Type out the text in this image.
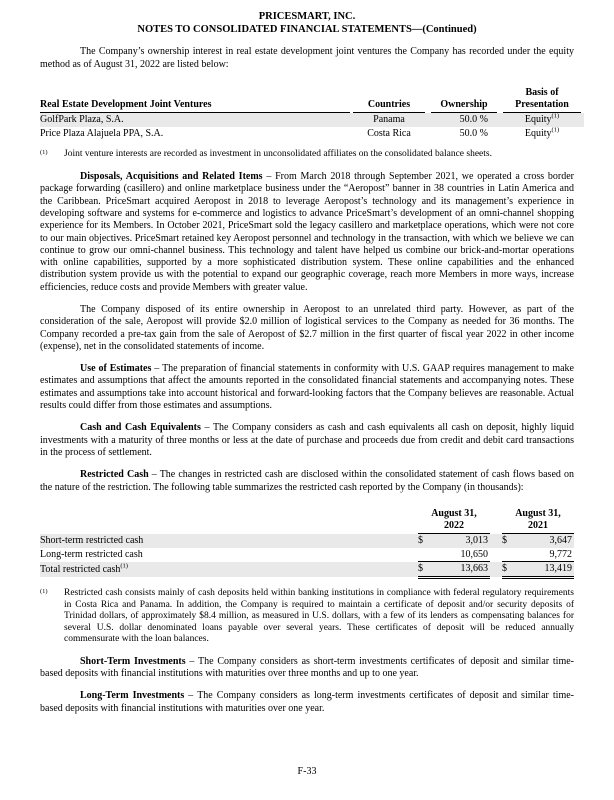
PRICESMART, INC.
NOTES TO CONSOLIDATED FINANCIAL STATEMENTS—(Continued)

The Company’s ownership interest in real estate development joint ventures the Company has recorded under the equity method as of August 31, 2022 are listed below:

Real Estate Development Joint Ventures	Countries	Ownership	Basis of
Presentation

GolfPark Plaza, S.A.	Panama	50.0 %	Equity$^{(1)}$
Price Plaza Alajuela PPA, S.A.	Costa Rica	50.0 %	Equity$^{(1)}$
(1) Joint venture interests are recorded as investment in unconsolidated affiliates on the consolidated balance sheets.

Disposals, Acquisitions and Related Items – From March 2018 through September 2021, we operated a cross border package forwarding (casillero) and online marketplace business under the “Aeropost” banner in 38 countries in Latin America and the Caribbean. PriceSmart acquired Aeropost in 2018 to leverage Aeropost’s technology and its management’s experience in developing software and systems for e-commerce and logistics to advance PriceSmart’s development of an omni-channel shopping experience for its Members. In October 2021, PriceSmart sold the legacy casillero and marketplace operations, which were not core to our main objectives. PriceSmart retained key Aeropost personnel and technology in the transaction, with which we believe we can continue to grow our omni-channel business. This technology and talent have helped us combine our brick-and-mortar operations with online capabilities, supported by a more sophisticated distribution system. These online capabilities and the enhanced distribution system provide us with the potential to expand our geographic coverage, reach more Members in more ways, increase efficiencies, reduce costs and provide Members with greater value.

The Company disposed of its entire ownership in Aeropost to an unrelated third party. However, as part of the consideration of the sale, Aeropost will provide $2.0 million of logistical services to the Company as needed for 36 months. The Company recorded a pre-tax gain from the sale of Aeropost of $2.7 million in the first quarter of fiscal year 2022 in other income (expense), net in the consolidated statements of income.

Use of Estimates – The preparation of financial statements in conformity with U.S. GAAP requires management to make estimates and assumptions that affect the amounts reported in the consolidated financial statements and accompanying notes. These estimates and assumptions take into account historical and forward-looking factors that the Company believes are reasonable. Actual results could differ from those estimates and assumptions.

Cash and Cash Equivalents – The Company considers as cash and cash equivalents all cash on deposit, highly liquid investments with a maturity of three months or less at the date of purchase and proceeds due from credit and debit card transactions in the process of settlement.

Restricted Cash – The changes in restricted cash are disclosed within the consolidated statement of cash flows based on the nature of the restriction. The following table summarizes the restricted cash reported by the Company (in thousands):

August 31,
2022

August 31,
2021

Short-term restricted cash	$	3,013		$	3,647
Long-term restricted cash		10,650			9,772
Total restricted cash$^{(1)}$	$	13,663		$	13,419
(1) Restricted cash consists mainly of cash deposits held within banking institutions in compliance with federal regulatory requirements in Costa Rica and Panama. In addition, the Company is required to maintain a certificate of deposit and/or security deposits of Trinidad dollars, of approximately $8.4 million, as measured in U.S. dollars, with a few of its lenders as compensating balances for several U.S. dollar denominated loans payable over several years. These certificates of deposit will be reduced annually commensurate with the loan balances.

Short-Term Investments – The Company considers as short-term investments certificates of deposit and similar time-based deposits with financial institutions with maturities over three months and up to one year.

Long-Term Investments – The Company considers as long-term investments certificates of deposit and similar time-based deposits with financial institutions with maturities over one year.

F-33
